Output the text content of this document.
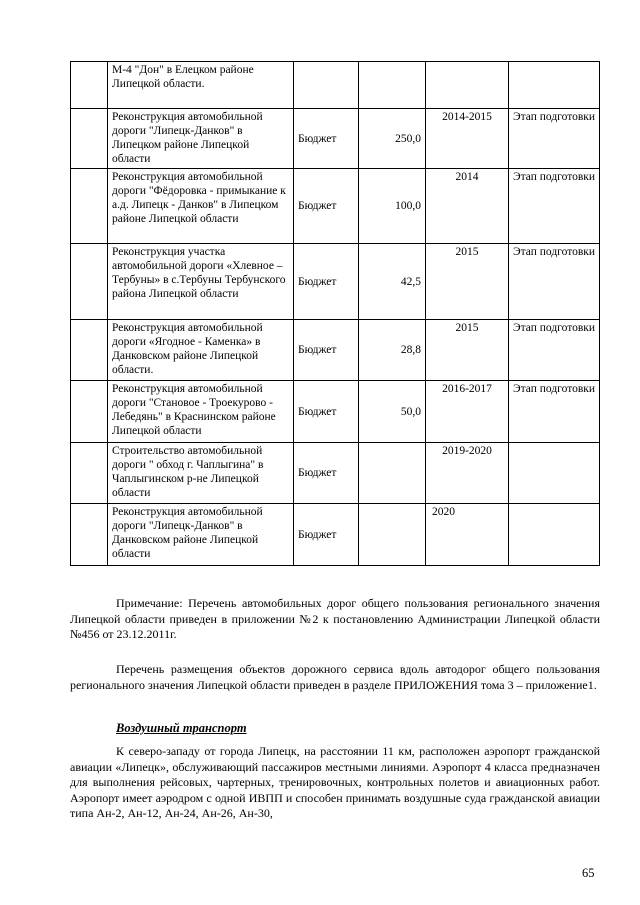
	М-4 "Дон" в Елецком районе Липецкой области.				
	Реконструкция автомобильной дороги "Липецк-Данков" в Липецком районе Липецкой области	Бюджет	250,0	2014-2015	Этап подготовки
	Реконструкция автомобильной дороги "Фёдоровка - примыкание к а.д. Липецк - Данков" в Липецком районе Липецкой области	Бюджет	100,0	2014	Этап подготовки
	Реконструкция участка автомобильной дороги «Хлевное – Тербуны» в с.Тербуны Тербунского района Липецкой области	Бюджет	42,5	2015	Этап подготовки
	Реконструкция автомобильной дороги «Ягодное - Каменка» в Данковском районе Липецкой области.	Бюджет	28,8	2015	Этап подготовки
	Реконструкция автомобильной дороги "Становое - Троекурово - Лебедянь" в Краснинском районе Липецкой области	Бюджет	50,0	2016-2017	Этап подготовки
	Строительство автомобильной дороги " обход г. Чаплыгина" в Чаплыгинском р-не Липецкой области	Бюджет		2019-2020	
	Реконструкция автомобильной дороги "Липецк-Данков" в Данковском районе Липецкой области	Бюджет		2020	

Примечание: Перечень автомобильных дорог общего пользования регионального значения Липецкой области приведен в приложении №2 к постановлению Администрации Липецкой области №456 от 23.12.2011г.

Перечень размещения объектов дорожного сервиса вдоль автодорог общего пользования регионального значения Липецкой области приведен в разделе ПРИЛОЖЕНИЯ тома 3 – приложение1.

Воздушный транспорт

К северо-западу от города Липецк, на расстоянии 11 км, расположен аэропорт гражданской авиации «Липецк», обслуживающий пассажиров местными линиями. Аэропорт 4 класса предназначен для выполнения рейсовых, чартерных, тренировочных, контрольных полетов и авиационных работ. Аэропорт имеет аэродром с одной ИВПП и способен принимать воздушные суда гражданской авиации типа Ан-2, Ан-12, Ан-24, Ан-26, Ан-30,

65
